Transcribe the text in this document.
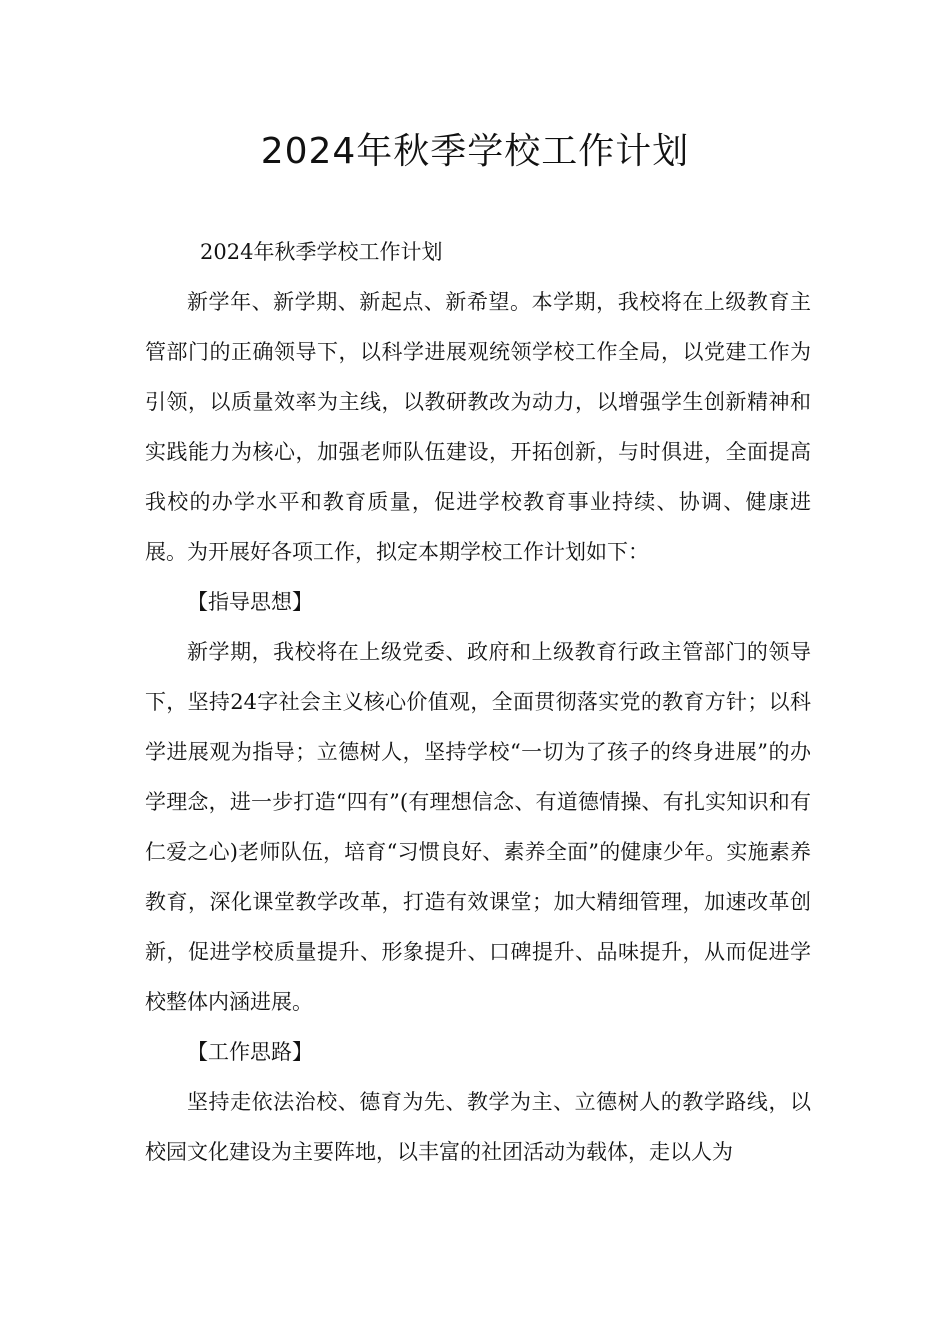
2024年秋季学校工作计划

2024年秋季学校工作计划

新学年、新学期、新起点、新希望。本学期，我校将在上级教育主管部门的正确领导下，以科学进展观统领学校工作全局，以党建工作为引领，以质量效率为主线，以教研教改为动力，以增强学生创新精神和实践能力为核心，加强老师队伍建设，开拓创新，与时俱进，全面提高我校的办学水平和教育质量，促进学校教育事业持续、协调、健康进展。为开展好各项工作，拟定本期学校工作计划如下：

【指导思想】

新学期，我校将在上级党委、政府和上级教育行政主管部门的领导下，坚持24字社会主义核心价值观，全面贯彻落实党的教育方针；以科学进展观为指导；立德树人，坚持学校“一切为了孩子的终身进展”的办学理念，进一步打造“四有”(有理想信念、有道德情操、有扎实知识和有仁爱之心)老师队伍，培育“习惯良好、素养全面”的健康少年。实施素养教育，深化课堂教学改革，打造有效课堂；加大精细管理，加速改革创新，促进学校质量提升、形象提升、口碑提升、品味提升，从而促进学校整体内涵进展。

【工作思路】

坚持走依法治校、德育为先、教学为主、立德树人的教学路线，以校园文化建设为主要阵地，以丰富的社团活动为载体，走以人为
